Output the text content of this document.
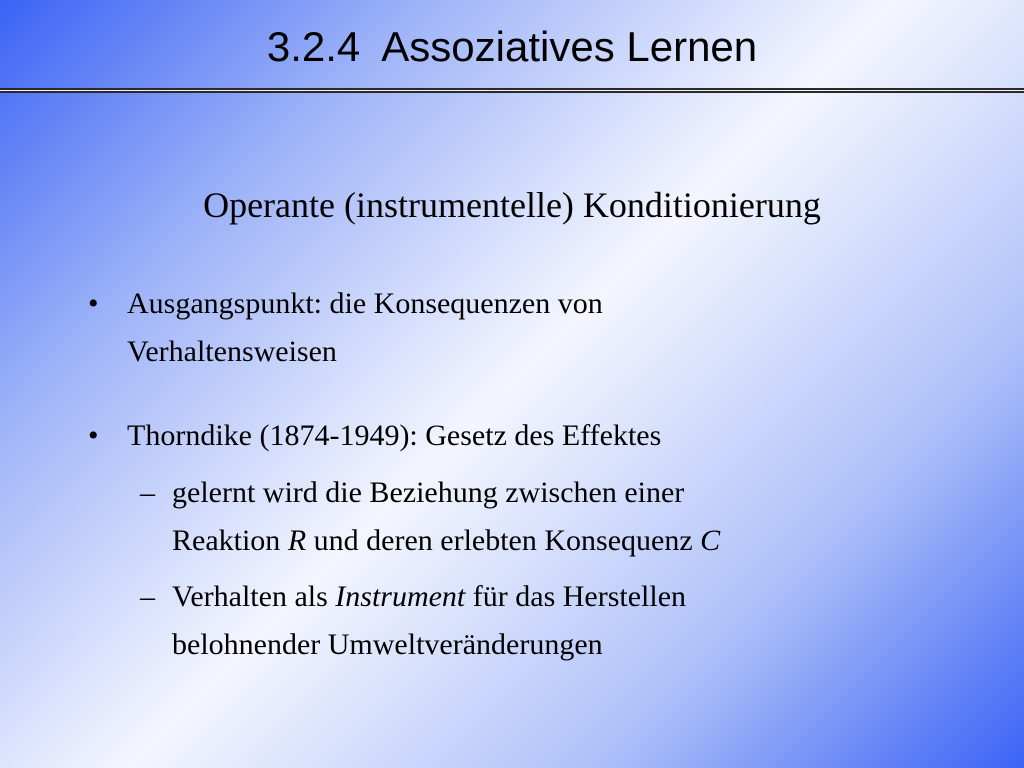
3.2.4  Assoziatives Lernen
Operante (instrumentelle) Konditionierung
• Ausgangspunkt: die Konsequenzen von
Verhaltensweisen
• Thorndike (1874-1949): Gesetz des Effektes
– gelernt wird die Beziehung zwischen einer
Reaktion R und deren erlebten Konsequenz C
– Verhalten als Instrument für das Herstellen
belohnender Umweltveränderungen
